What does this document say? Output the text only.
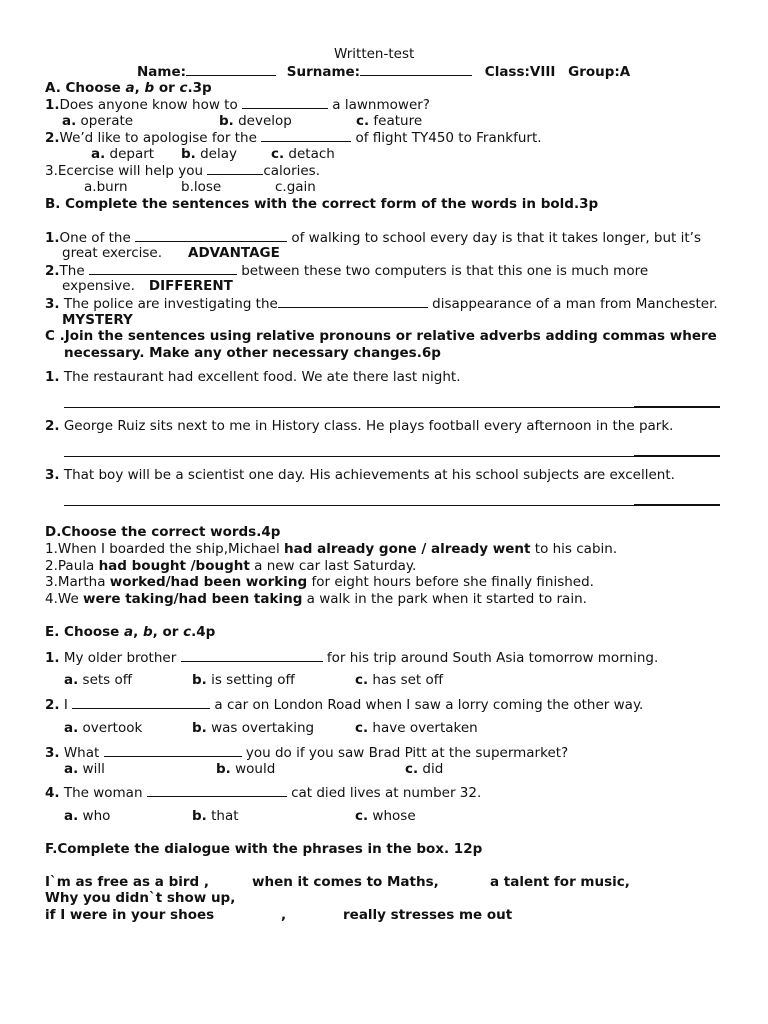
Written-test
Name:	Surname:	Class:VIII Group:A
A. Choose a, b or c.3p
1.Does anyone know how to	a lawnmower?
a. operate	b. develop	c. feature
2.We’d like to apologise for the	of flight TY450 to Frankfurt.
a. depart b. delay	c. detach
3.Ecercise will help you	calories.
a.burn	b.lose	c.gain
B. Complete the sentences with the correct form of the words in bold.3p
1.One of the	of walking to school every day is that it takes longer, but it’s
great exercise. ADVANTAGE
2.The	between these two computers is that this one is much more
expensive. DIFFERENT
3. The police are investigating the	disappearance of a man from Manchester.
MYSTERY
C .Join the sentences using relative pronouns or relative adverbs adding commas where
necessary. Make any other necessary changes.6p
1. The restaurant had excellent food. We ate there last night.
2. George Ruiz sits next to me in History class. He plays football every afternoon in the park.
3. That boy will be a scientist one day. His achievements at his school subjects are excellent.
D.Choose the correct words.4p
1.When I boarded the ship,Michael had already gone / already went to his cabin.
2.Paula had bought /bought a new car last Saturday.
3.Martha worked/had been working for eight hours before she finally finished.
4.We were taking/had been taking a walk in the park when it started to rain.
E. Choose a, b, or c.4p
1. My older brother	for his trip around South Asia tomorrow morning.
a. sets off	b. is setting off	c. has set off
2. I	a car on London Road when I saw a lorry coming the other way.
a. overtook	b. was overtaking	c. have overtaken
3. What	you do if you saw Brad Pitt at the supermarket?
a. will	b. would	c. did
4. The woman	cat died lives at number 32.
a. who	b. that	c. whose
F.Complete the dialogue with the phrases in the box. 12p
I`m as free as a bird ,	when it comes to Maths,	a talent for music,
Why you didn`t show up,
if I were in your shoes	,	really stresses me out
